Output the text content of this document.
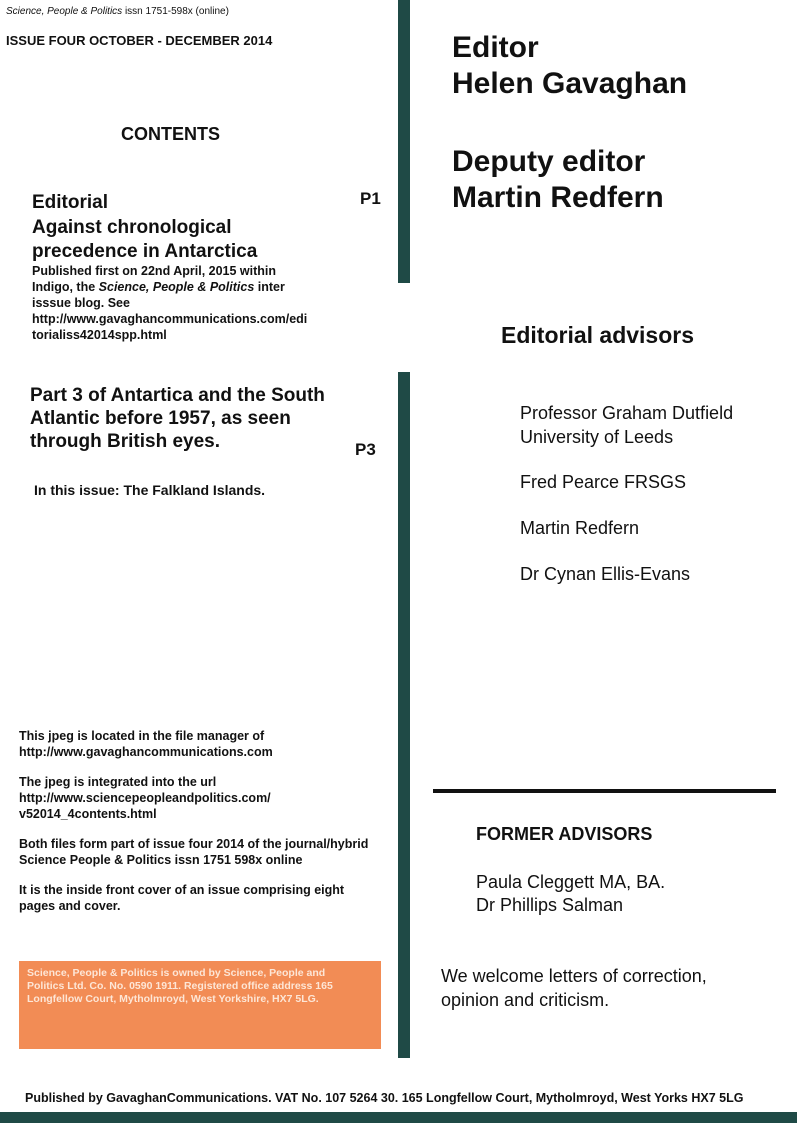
Science, People & Politics issn 1751-598x (online)
ISSUE FOUR OCTOBER - DECEMBER 2014
CONTENTS
Editorial	P1
Against chronological
precedence in Antarctica
Published first on 22nd April, 2015 within
Indigo, the Science, People & Politics inter
isssue blog. See
http://www.gavaghancommunications.com/edi
torialiss42014spp.html
Part 3 of Antartica and the South
Atlantic before 1957, as seen
through British eyes.	P3
In this issue: The Falkland Islands.
This jpeg is located in the file manager of
http://www.gavaghancommunications.com
The jpeg is integrated into the url
http://www.sciencepeopleandpolitics.com/
v52014_4contents.html
Both files form part of issue four 2014 of the journal/hybrid
Science People & Politics issn 1751 598x online
It is the inside front cover of an issue comprising eight
pages and cover.

Science, People & Politics is owned by Science, People and
Politics Ltd. Co. No. 0590 1911. Registered office address 165
Longfellow Court, Mytholmroyd, West Yorkshire, HX7 5LG.

Editor
Helen Gavaghan
Deputy editor
Martin Redfern
Editorial advisors
Professor Graham Dutfield
University of Leeds
Fred Pearce FRSGS
Martin Redfern
Dr Cynan Ellis-Evans
FORMER ADVISORS
Paula Cleggett MA, BA.
Dr Phillips Salman
We welcome letters of correction,
opinion and criticism.
Published by GavaghanCommunications. VAT No. 107 5264 30. 165 Longfellow Court, Mytholmroyd, West Yorks HX7 5LG
